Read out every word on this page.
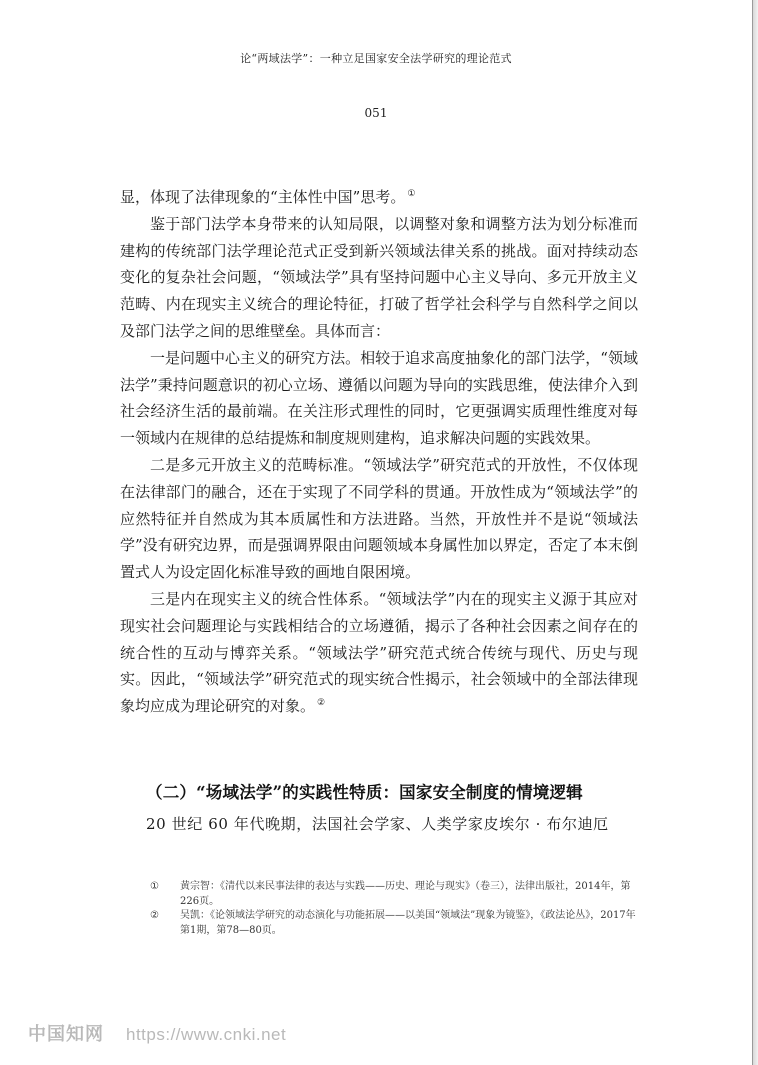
论“两域法学”：一种立足国家安全法学研究的理论范式
051

显，体现了法律现象的“主体性中国”思考。 ①

鉴于部门法学本身带来的认知局限，以调整对象和调整方法为划分标准而建构的传统部门法学理论范式正受到新兴领域法律关系的挑战。面对持续动态变化的复杂社会问题，“领域法学”具有坚持问题中心主义导向、多元开放主义范畴、内在现实主义统合的理论特征，打破了哲学社会科学与自然科学之间以及部门法学之间的思维壁垒。具体而言：

一是问题中心主义的研究方法。相较于追求高度抽象化的部门法学，“领域法学”秉持问题意识的初心立场、遵循以问题为导向的实践思维，使法律介入到社会经济生活的最前端。在关注形式理性的同时，它更强调实质理性维度对每一领域内在规律的总结提炼和制度规则建构，追求解决问题的实践效果。

二是多元开放主义的范畴标准。“领域法学”研究范式的开放性，不仅体现在法律部门的融合，还在于实现了不同学科的贯通。开放性成为“领域法学”的应然特征并自然成为其本质属性和方法进路。当然，开放性并不是说“领域法学”没有研究边界，而是强调界限由问题领域本身属性加以界定，否定了本末倒置式人为设定固化标准导致的画地自限困境。

三是内在现实主义的统合性体系。“领域法学”内在的现实主义源于其应对现实社会问题理论与实践相结合的立场遵循，揭示了各种社会因素之间存在的统合性的互动与博弈关系。“领域法学”研究范式统合传统与现代、历史与现实。因此，“领域法学”研究范式的现实统合性揭示，社会领域中的全部法律现象均应成为理论研究的对象。 ②

（二）“场域法学”的实践性特质：国家安全制度的情境逻辑
20 世纪 60 年代晚期，法国社会学家、人类学家皮埃尔 · 布尔迪厄
①	黄宗智：《清代以来民事法律的表达与实践——历史、理论与现实》（卷三），法律出版社，2014年，第226页。
②	吴凯：《论领域法学研究的动态演化与功能拓展——以美国“领域法”现象为镜鉴》，《政法论丛》，2017年第1期，第78—80页。
中国知网 https://www.cnki.net
